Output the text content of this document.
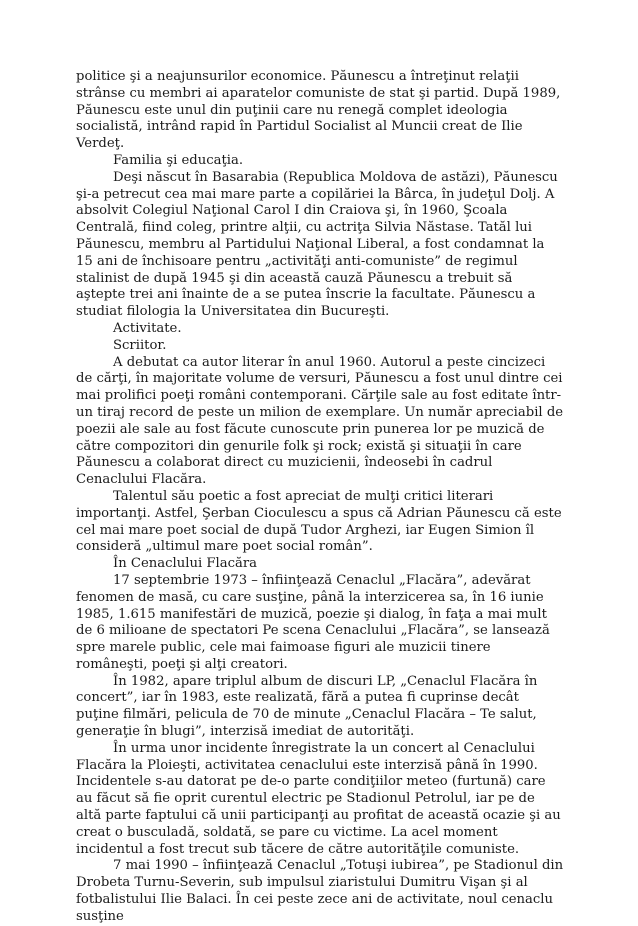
politice şi a neajunsurilor economice. Păunescu a întreţinut relaţii strânse cu membri ai aparatelor comuniste de stat şi partid. După 1989, Păunescu este unul din puţinii care nu renegă complet ideologia socialistă, intrând rapid în Partidul Socialist al Muncii creat de Ilie Verdeţ.

Familia şi educaţia.

Deşi născut în Basarabia (Republica Moldova de astăzi), Păunescu şi-a petrecut cea mai mare parte a copilăriei la Bârca, în judeţul Dolj. A absolvit Colegiul Naţional Carol I din Craiova şi, în 1960, Şcoala Centrală, fiind coleg, printre alţii, cu actriţa Silvia Năstase. Tatăl lui Păunescu, membru al Partidului Naţional Liberal, a fost condamnat la 15 ani de închisoare pentru „activităţi anti-comuniste” de regimul stalinist de după 1945 şi din această cauză Păunescu a trebuit să aştepte trei ani înainte de a se putea înscrie la facultate. Păunescu a studiat filologia la Universitatea din Bucureşti.

Activitate.

Scriitor.

A debutat ca autor literar în anul 1960. Autorul a peste cincizeci de cărţi, în majoritate volume de versuri, Păunescu a fost unul dintre cei mai prolifici poeţi români contemporani. Cărţile sale au fost editate într-un tiraj record de peste un milion de exemplare. Un număr apreciabil de poezii ale sale au fost făcute cunoscute prin punerea lor pe muzică de către compozitori din genurile folk şi rock; există şi situaţii în care Păunescu a colaborat direct cu muzicienii, îndeosebi în cadrul Cenaclului Flacăra.

Talentul său poetic a fost apreciat de mulţi critici literari importanţi. Astfel, Şerban Cioculescu a spus că Adrian Păunescu că este cel mai mare poet social de după Tudor Arghezi, iar Eugen Simion îl consideră „ultimul mare poet social român”.

În Cenaclului Flacăra

17 septembrie 1973 – înfiinţează Cenaclul „Flacăra”, adevărat fenomen de masă, cu care susţine, până la interzicerea sa, în 16 iunie 1985, 1.615 manifestări de muzică, poezie şi dialog, în faţa a mai mult de 6 milioane de spectatori Pe scena Cenaclului „Flacăra”, se lansează spre marele public, cele mai faimoase figuri ale muzicii tinere româneşti, poeţi şi alţi creatori.

În 1982, apare triplul album de discuri LP, „Cenaclul Flacăra în concert”, iar în 1983, este realizată, fără a putea fi cuprinse decât puţine filmări, pelicula de 70 de minute „Cenaclul Flacăra – Te salut, generaţie în blugi”, interzisă imediat de autorităţi.

În urma unor incidente înregistrate la un concert al Cenaclului Flacăra la Ploieşti, activitatea cenaclului este interzisă până în 1990. Incidentele s-au datorat pe de-o parte condiţiilor meteo (furtună) care au făcut să fie oprit curentul electric pe Stadionul Petrolul, iar pe de altă parte faptului că unii participanţi au profitat de această ocazie şi au creat o busculadă, soldată, se pare cu victime. La acel moment incidentul a fost trecut sub tăcere de către autorităţile comuniste.

7 mai 1990 – înfiinţează Cenaclul „Totuşi iubirea”, pe Stadionul din Drobeta Turnu-Severin, sub impulsul ziaristului Dumitru Vişan şi al fotbalistului Ilie Balaci. În cei peste zece ani de activitate, noul cenaclu susţine
